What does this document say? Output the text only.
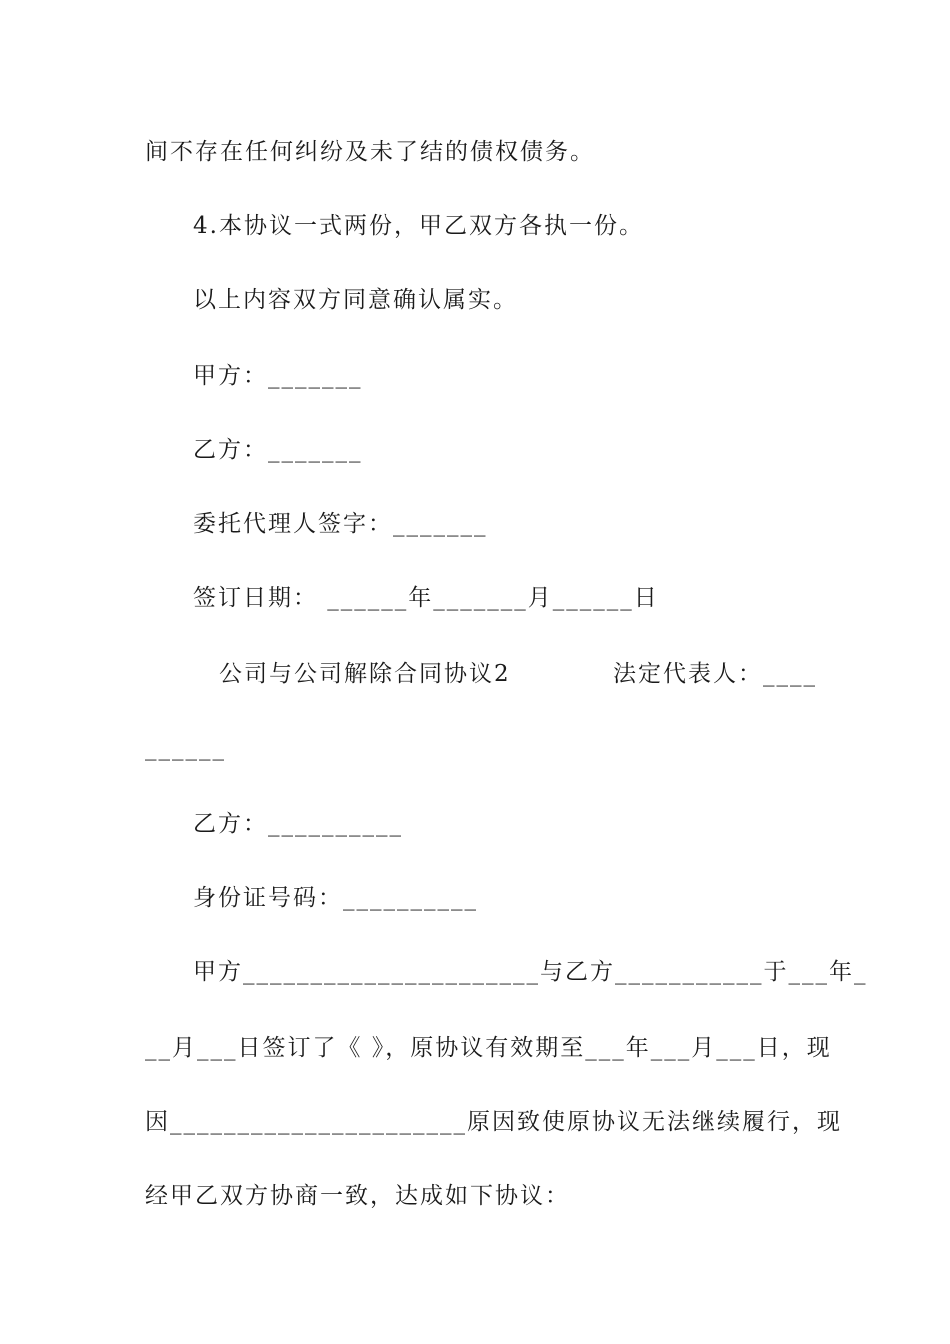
间不存在任何纠纷及未了结的债权债务。
4.本协议一式两份，甲乙双方各执一份。
以上内容双方同意确认属实。
甲方：_______
乙方：_______
委托代理人签字：_______
签订日期： ______年_______月______日
公司与公司解除合同协议2	法定代表人：____
______
乙方：__________
身份证号码：__________
甲方______________________与乙方___________于___年_
__月___日签订了《 》，原协议有效期至___年___月___日，现
因______________________原因致使原协议无法继续履行，现
经甲乙双方协商一致，达成如下协议：
